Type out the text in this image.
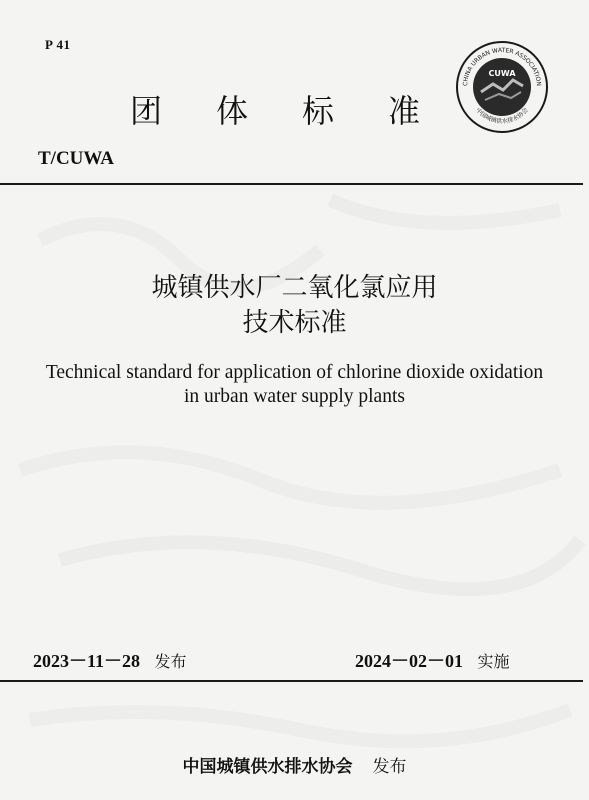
P 41
团 体 标 准
CHINA URBAN WATER ASSOCIATION
中国城镇供水排水协会
CUWA
T/CUWA
城镇供水厂二氧化氯应用
技术标准
Technical standard for application of chlorine dioxide oxidation
in urban water supply plants
2023－11－28 发布	2024－02－01 实施
中国城镇供水排水协会 发布
